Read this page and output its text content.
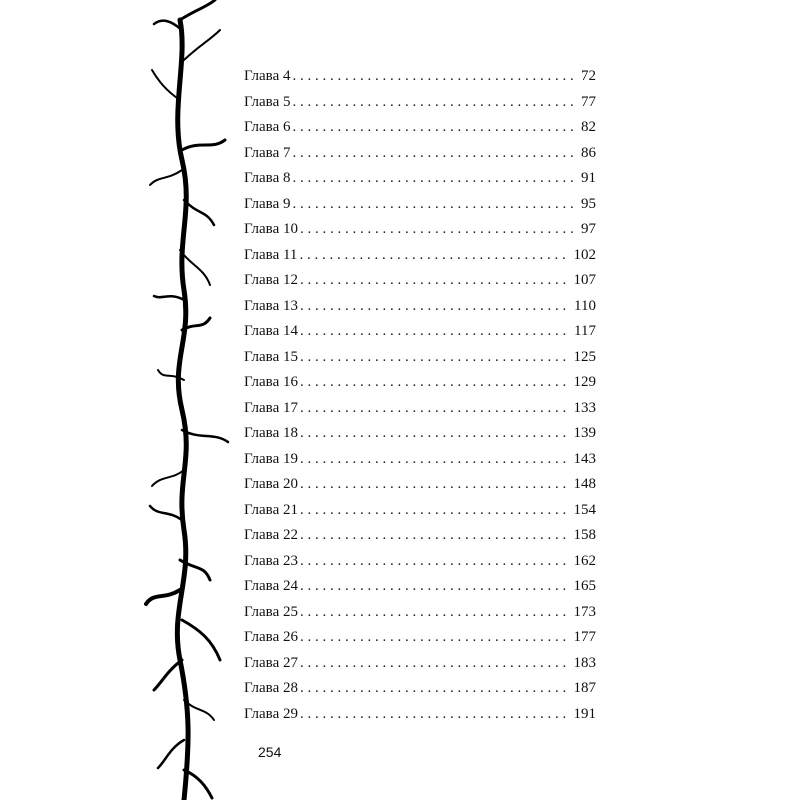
Глава 4 . . .	72
Глава 5 . . .	77
Глава 6 . . .	82
Глава 7 . . .	86
Глава 8 . . .	91
Глава 9 . . .	95
Глава 10 . . .	97
Глава 11 . . .	102
Глава 12 . . .	107
Глава 13 . . .	110
Глава 14 . . .	117
Глава 15 . . .	125
Глава 16 . . .	129
Глава 17 . . .	133
Глава 18 . . .	139
Глава 19 . . .	143
Глава 20 . . .	148
Глава 21 . . .	154
Глава 22 . . .	158
Глава 23 . . .	162
Глава 24 . . .	165
Глава 25 . . .	173
Глава 26 . . .	177
Глава 27 . . .	183
Глава 28 . . .	187
Глава 29 . . .	191
254
